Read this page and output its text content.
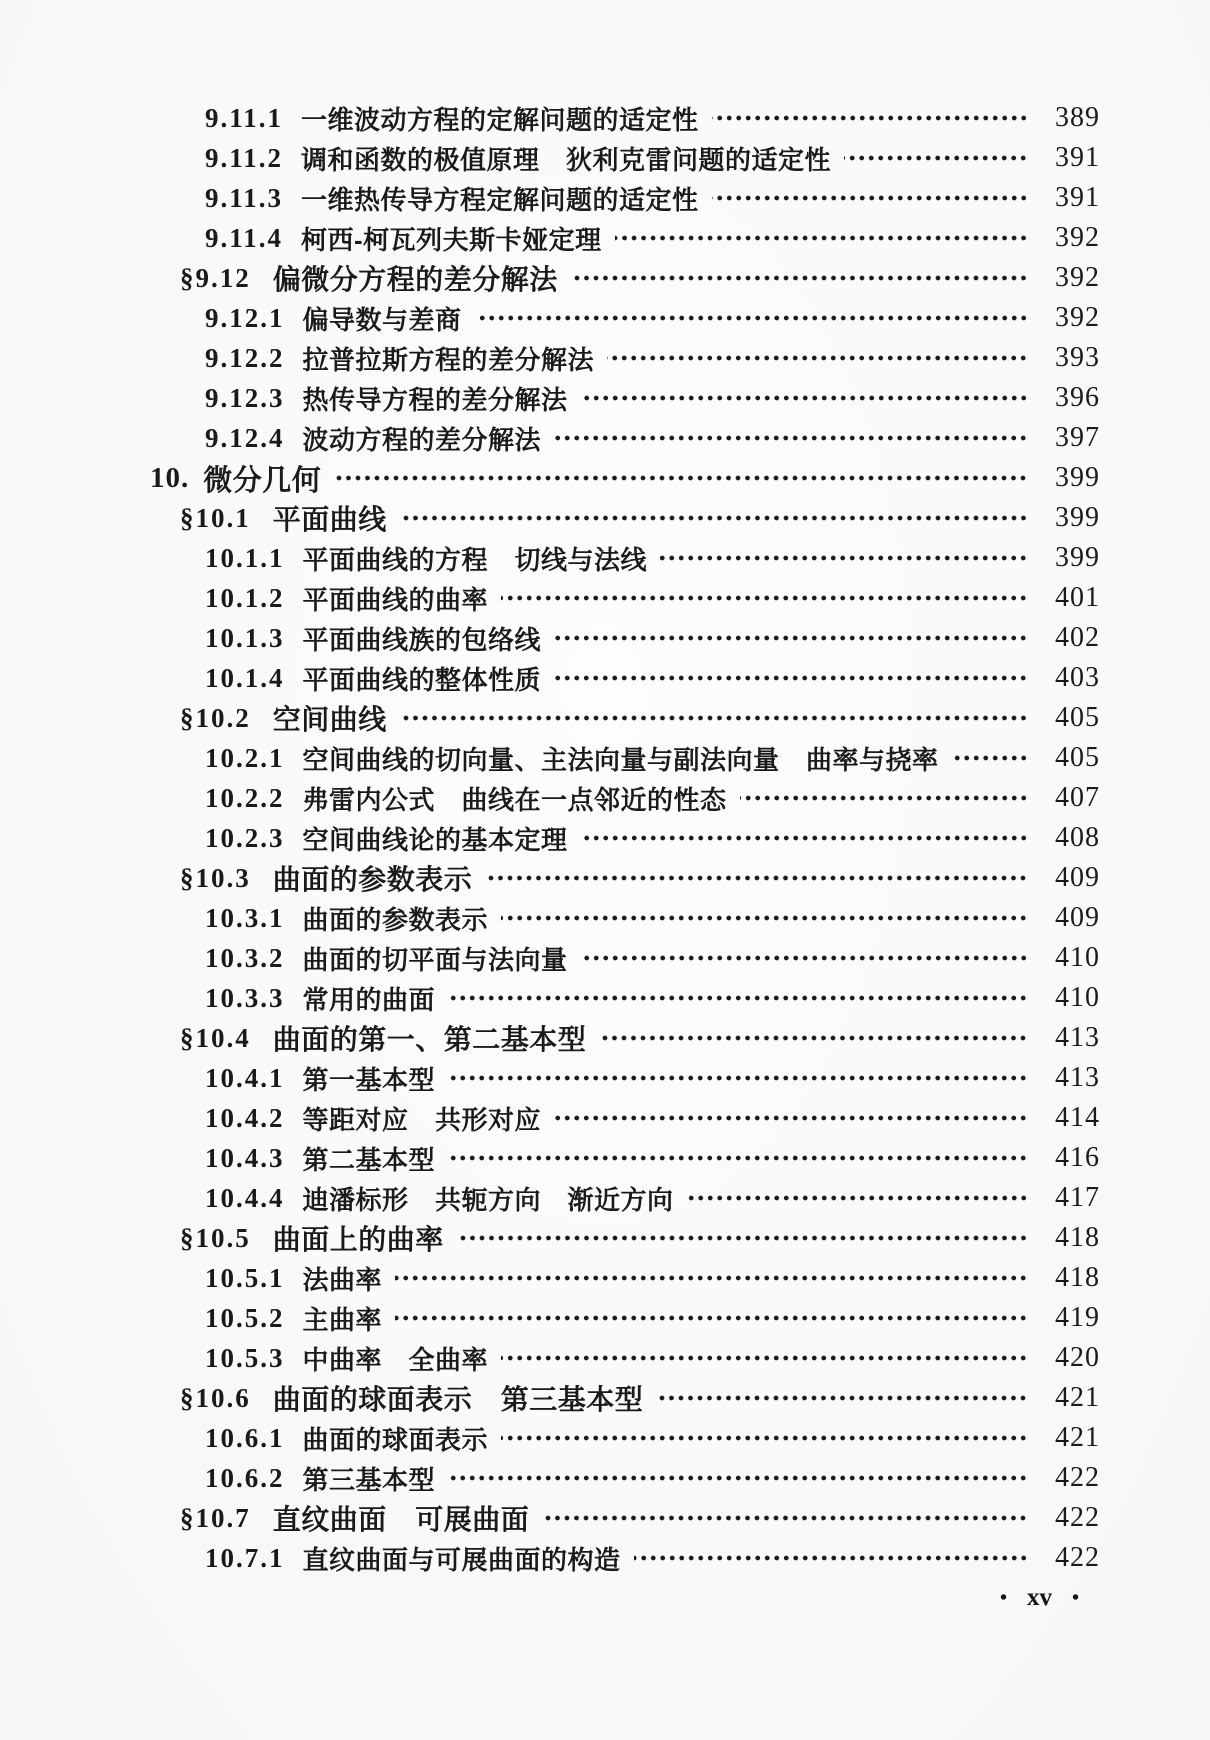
9.11.1 一维波动方程的定解问题的适定性	389
9.11.2 调和函数的极值原理　狄利克雷问题的适定性	391
9.11.3 一维热传导方程定解问题的适定性	391
9.11.4 柯西-柯瓦列夫斯卡娅定理	392
§9.12 偏微分方程的差分解法	392
9.12.1 偏导数与差商	392
9.12.2 拉普拉斯方程的差分解法	393
9.12.3 热传导方程的差分解法	396
9.12.4 波动方程的差分解法	397
10. 微分几何	399
§10.1 平面曲线	399
10.1.1 平面曲线的方程　切线与法线	399
10.1.2 平面曲线的曲率	401
10.1.3 平面曲线族的包络线	402
10.1.4 平面曲线的整体性质	403
§10.2 空间曲线	405
10.2.1 空间曲线的切向量、主法向量与副法向量　曲率与挠率	405
10.2.2 弗雷内公式　曲线在一点邻近的性态	407
10.2.3 空间曲线论的基本定理	408
§10.3 曲面的参数表示	409
10.3.1 曲面的参数表示	409
10.3.2 曲面的切平面与法向量	410
10.3.3 常用的曲面	410
§10.4 曲面的第一、第二基本型	413
10.4.1 第一基本型	413
10.4.2 等距对应　共形对应	414
10.4.3 第二基本型	416
10.4.4 迪潘标形　共轭方向　渐近方向	417
§10.5 曲面上的曲率	418
10.5.1 法曲率	418
10.5.2 主曲率	419
10.5.3 中曲率　全曲率	420
§10.6 曲面的球面表示　第三基本型	421
10.6.1 曲面的球面表示	421
10.6.2 第三基本型	422
§10.7 直纹曲面　可展曲面	422
10.7.1 直纹曲面与可展曲面的构造	422
• xv •
